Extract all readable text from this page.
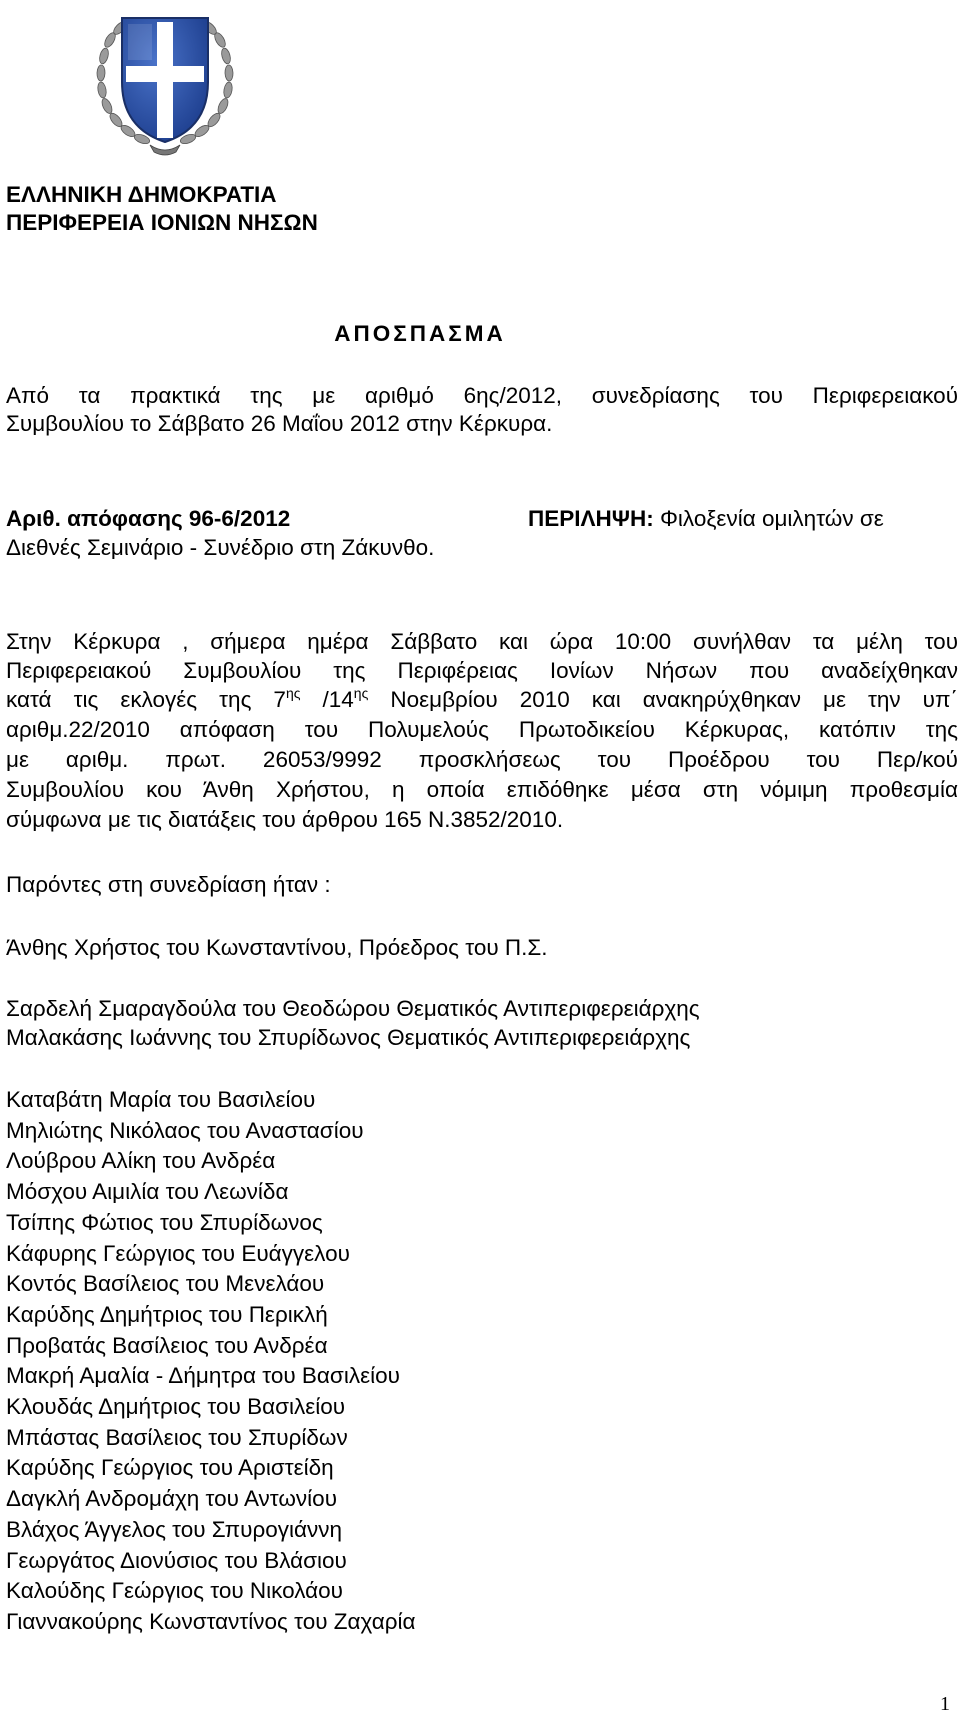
ΕΛΛΗΝΙΚΗ ΔΗΜΟΚΡΑΤΙΑ
ΠΕΡΙΦΕΡΕΙΑ ΙΟΝΙΩΝ ΝΗΣΩΝ
ΑΠΟΣΠΑΣΜΑ
Από τα πρακτικά της με αριθμό 6ης/2012, συνεδρίασης του Περιφερειακού
Συμβουλίου το Σάββατο 26 Μαΐου 2012 στην Κέρκυρα.
Αριθ. απόφασης 96-6/2012	ΠΕΡΙΛΗΨΗ: Φιλοξενία ομιλητών σε
Διεθνές Σεμινάριο - Συνέδριο στη Ζάκυνθο.
Στην Κέρκυρα , σήμερα ημέρα Σάββατο και ώρα 10:00 συνήλθαν τα μέλη του
Περιφερειακού Συμβουλίου της Περιφέρειας Ιονίων Νήσων που αναδείχθηκαν
κατά τις εκλογές της $7^{\eta\varsigma}$ $/14^{\eta\varsigma}$ Νοεμβρίου 2010 και ανακηρύχθηκαν με την υπ΄
αριθμ.22/2010 απόφαση του Πολυμελούς Πρωτοδικείου Κέρκυρας, κατόπιν της
με αριθμ. πρωτ. 26053/9992 προσκλήσεως του Προέδρου του Περ/κού
Συμβουλίου κου Άνθη Χρήστου, η οποία επιδόθηκε μέσα στη νόμιμη προθεσμία
σύμφωνα με τις διατάξεις του άρθρου 165 Ν.3852/2010.
Παρόντες στη συνεδρίαση ήταν :
Άνθης Χρήστος του Κωνσταντίνου, Πρόεδρος του Π.Σ.
Σαρδελή Σμαραγδούλα του Θεοδώρου Θεματικός Αντιπεριφερειάρχης
Μαλακάσης Ιωάννης του Σπυρίδωνος Θεματικός Αντιπεριφερειάρχης
Καταβάτη Μαρία του Βασιλείου
Μηλιώτης Νικόλαος του Αναστασίου
Λούβρου Αλίκη του Ανδρέα
Μόσχου Αιμιλία του Λεωνίδα
Τσίπης Φώτιος του Σπυρίδωνος
Κάφυρης Γεώργιος του Ευάγγελου
Κοντός Βασίλειος του Μενελάου
Καρύδης Δημήτριος του Περικλή
Προβατάς Βασίλειος του Ανδρέα
Μακρή Αμαλία - Δήμητρα του Βασιλείου
Κλουδάς Δημήτριος του Βασιλείου
Μπάστας Βασίλειος του Σπυρίδων
Καρύδης Γεώργιος του Αριστείδη
Δαγκλή Ανδρομάχη του Αντωνίου
Βλάχος Άγγελος του Σπυρογιάννη
Γεωργάτος Διονύσιος του Βλάσιου
Καλούδης Γεώργιος του Νικολάου
Γιαννακούρης Κωνσταντίνος του Ζαχαρία
1
